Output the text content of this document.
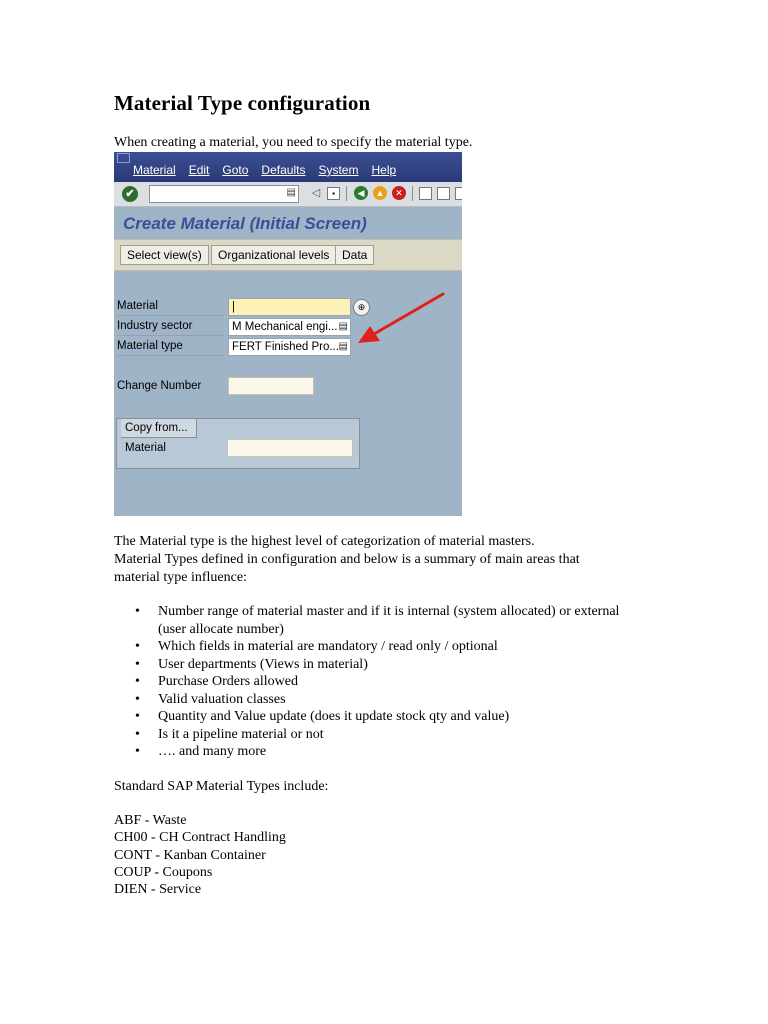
Material Type configuration
When creating a material, you need to specify the material type.
Material Edit Goto Defaults System Help
✔	▤ ◁	▪	◀	▲	✕
Create Material (Initial Screen)
Select view(s)	Organizational levels	Data
Material	|	⊕
Industry sector	M Mechanical engi... ▤
Material type	FERT Finished Pro... ▤
Change Number
Copy from...
Material
The Material type is the highest level of categorization of material masters.
Material Types defined in configuration and below is a summary of main areas that
material type influence:
• Number range of material master and if it is internal (system allocated) or external
(user allocate number)
• Which fields in material are mandatory / read only / optional
• User departments (Views in material)
• Purchase Orders allowed
• Valid valuation classes
• Quantity and Value update (does it update stock qty and value)
• Is it a pipeline material or not
• …. and many more
Standard SAP Material Types include:
ABF - Waste
CH00 - CH Contract Handling
CONT - Kanban Container
COUP - Coupons
DIEN - Service
